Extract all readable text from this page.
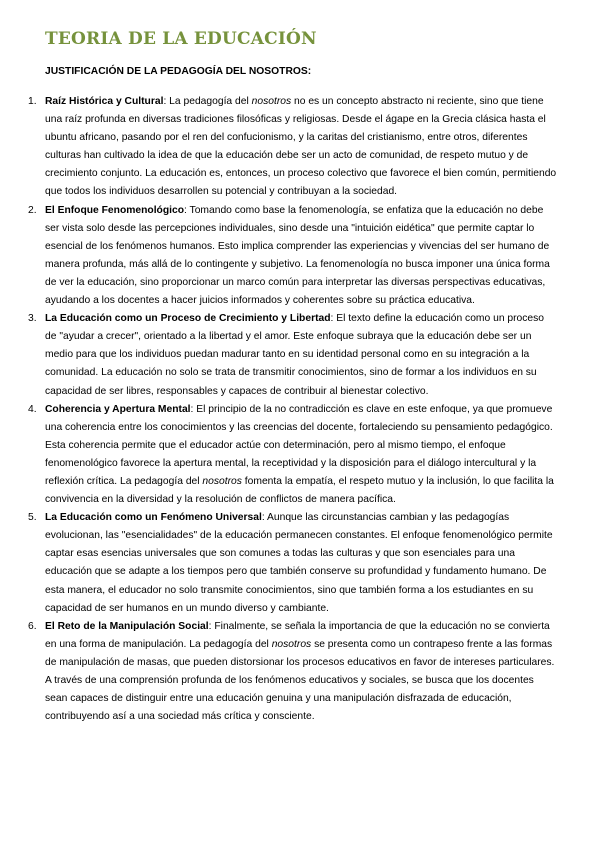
TEORIA DE LA EDUCACIÓN
JUSTIFICACIÓN DE LA PEDAGOGÍA DEL NOSOTROS:
1. Raíz Histórica y Cultural: La pedagogía del nosotros no es un concepto abstracto ni reciente, sino que tiene una raíz profunda en diversas tradiciones filosóficas y religiosas. Desde el ágape en la Grecia clásica hasta el ubuntu africano, pasando por el ren del confucionismo, y la caritas del cristianismo, entre otros, diferentes culturas han cultivado la idea de que la educación debe ser un acto de comunidad, de respeto mutuo y de crecimiento conjunto. La educación es, entonces, un proceso colectivo que favorece el bien común, permitiendo que todos los individuos desarrollen su potencial y contribuyan a la sociedad.
2. El Enfoque Fenomenológico: Tomando como base la fenomenología, se enfatiza que la educación no debe ser vista solo desde las percepciones individuales, sino desde una "intuición eidética" que permite captar lo esencial de los fenómenos humanos. Esto implica comprender las experiencias y vivencias del ser humano de manera profunda, más allá de lo contingente y subjetivo. La fenomenología no busca imponer una única forma de ver la educación, sino proporcionar un marco común para interpretar las diversas perspectivas educativas, ayudando a los docentes a hacer juicios informados y coherentes sobre su práctica educativa.
3. La Educación como un Proceso de Crecimiento y Libertad: El texto define la educación como un proceso de "ayudar a crecer", orientado a la libertad y el amor. Este enfoque subraya que la educación debe ser un medio para que los individuos puedan madurar tanto en su identidad personal como en su integración a la comunidad. La educación no solo se trata de transmitir conocimientos, sino de formar a los individuos en su capacidad de ser libres, responsables y capaces de contribuir al bienestar colectivo.
4. Coherencia y Apertura Mental: El principio de la no contradicción es clave en este enfoque, ya que promueve una coherencia entre los conocimientos y las creencias del docente, fortaleciendo su pensamiento pedagógico. Esta coherencia permite que el educador actúe con determinación, pero al mismo tiempo, el enfoque fenomenológico favorece la apertura mental, la receptividad y la disposición para el diálogo intercultural y la reflexión crítica. La pedagogía del nosotros fomenta la empatía, el respeto mutuo y la inclusión, lo que facilita la convivencia en la diversidad y la resolución de conflictos de manera pacífica.
5. La Educación como un Fenómeno Universal: Aunque las circunstancias cambian y las pedagogías evolucionan, las "esencialidades" de la educación permanecen constantes. El enfoque fenomenológico permite captar esas esencias universales que son comunes a todas las culturas y que son esenciales para una educación que se adapte a los tiempos pero que también conserve su profundidad y fundamento humano. De esta manera, el educador no solo transmite conocimientos, sino que también forma a los estudiantes en su capacidad de ser humanos en un mundo diverso y cambiante.
6. El Reto de la Manipulación Social: Finalmente, se señala la importancia de que la educación no se convierta en una forma de manipulación. La pedagogía del nosotros se presenta como un contrapeso frente a las formas de manipulación de masas, que pueden distorsionar los procesos educativos en favor de intereses particulares. A través de una comprensión profunda de los fenómenos educativos y sociales, se busca que los docentes sean capaces de distinguir entre una educación genuina y una manipulación disfrazada de educación, contribuyendo así a una sociedad más crítica y consciente.
